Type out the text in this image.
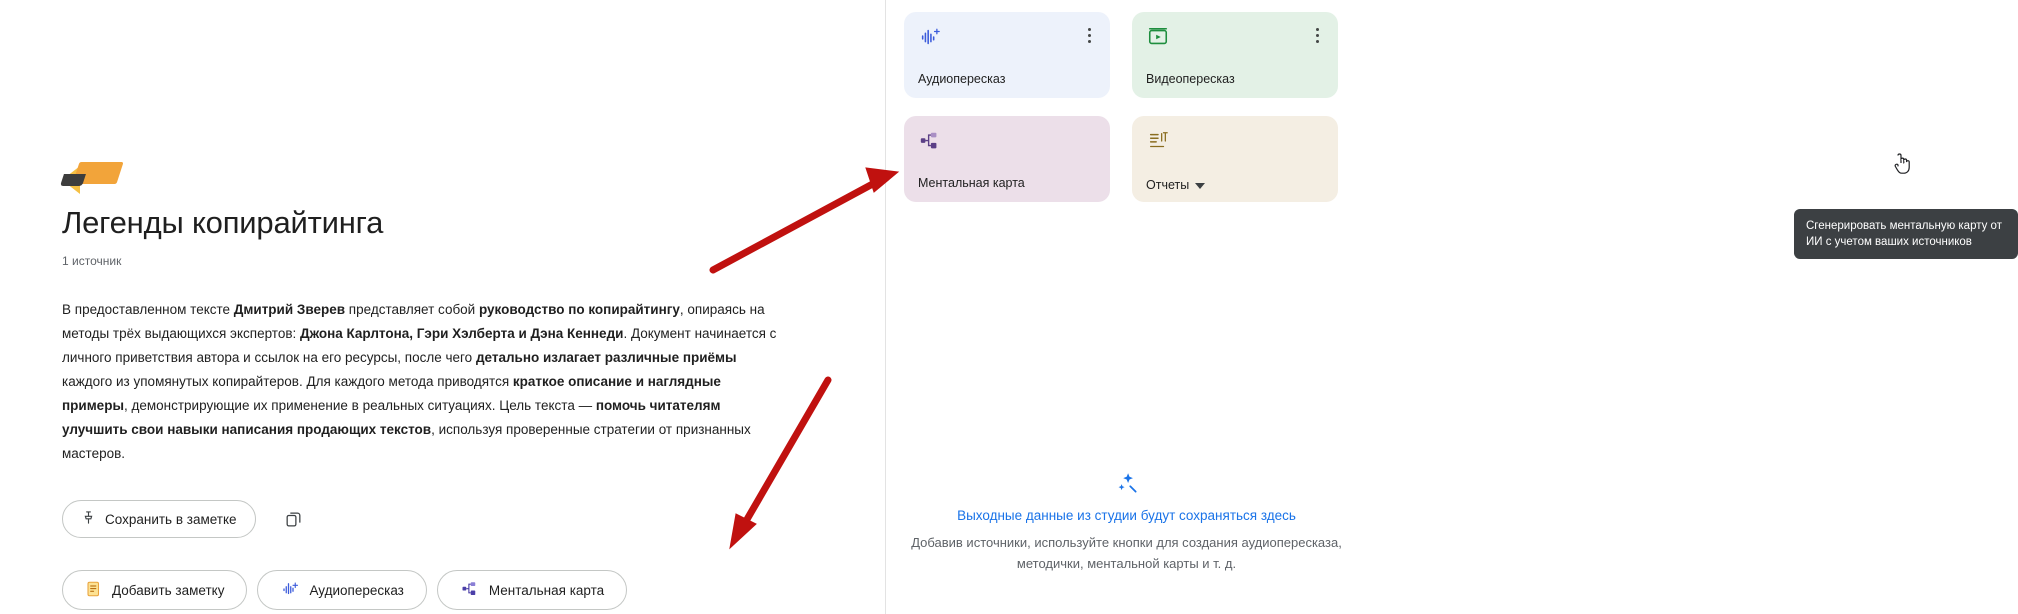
Легенды копирайтинга
1 источник
В предоставленном тексте Дмитрий Зверев представляет собой руководство по копирайтингу, опираясь на методы трёх выдающихся экспертов: Джона Карлтона, Гэри Хэлберта и Дэна Кеннеди. Документ начинается с личного приветствия автора и ссылок на его ресурсы, после чего детально излагает различные приёмы каждого из упомянутых копирайтеров. Для каждого метода приводятся краткое описание и наглядные примеры, демонстрирующие их применение в реальных ситуациях. Цель текста — помочь читателям улучшить свои навыки написания продающих текстов, используя проверенные стратегии от признанных мастеров.
Сохранить в заметке
Добавить заметку	Аудиопересказ	Ментальная карта
Аудиопересказ	Видеопересказ
Ментальная карта	Отчеты
Сгенерировать ментальную карту от ИИ с учетом ваших источников
Выходные данные из студии будут сохраняться здесь
Добавив источники, используйте кнопки для создания аудиопересказа, методички, ментальной карты и т. д.
